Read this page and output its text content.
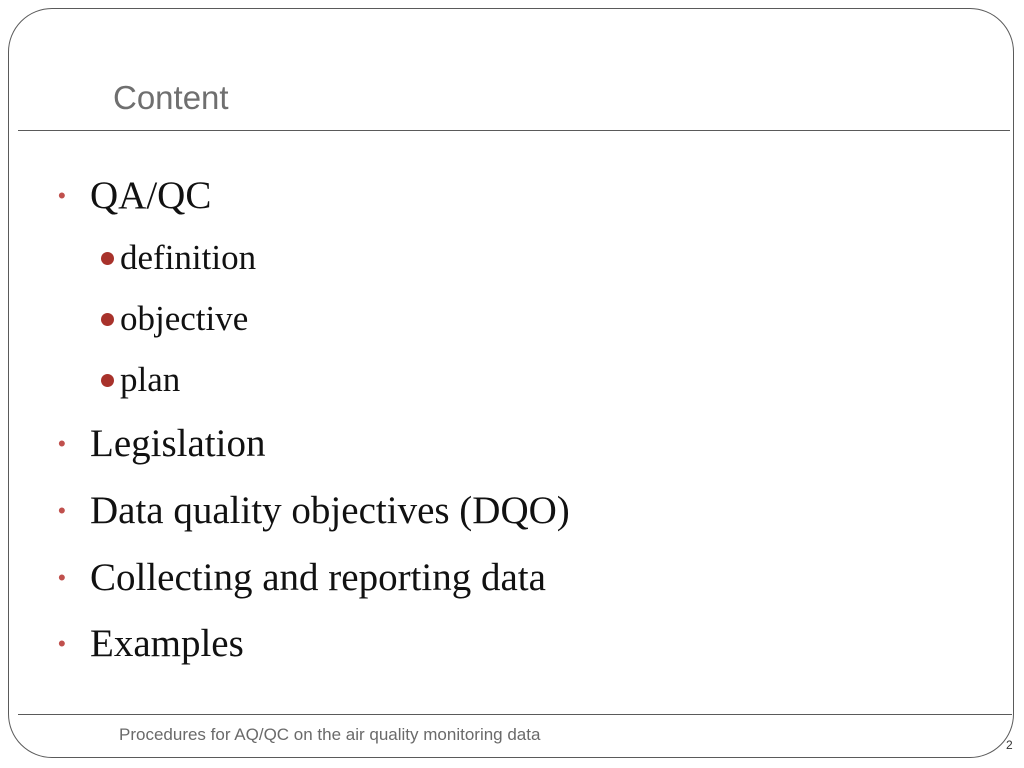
Content
• QA/QC
definition
objective
plan
• Legislation
• Data quality objectives (DQO)
• Collecting and reporting data
• Examples
Procedures for AQ/QC on the air quality monitoring data
2
